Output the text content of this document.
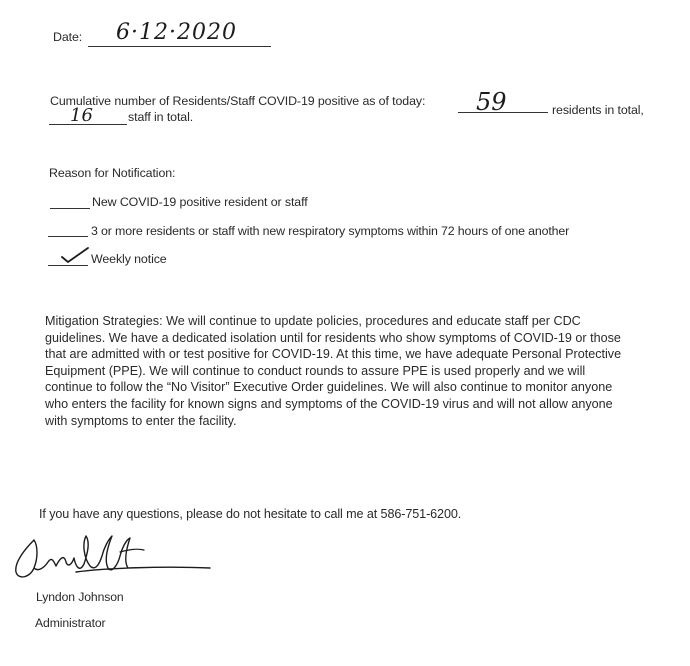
Date: 6·12·2020
Cumulative number of Residents/Staff COVID-19 positive as of today: 59	residents in total,
16	staff in total.
Reason for Notification:
New COVID-19 positive resident or staff
3 or more residents or staff with new respiratory symptoms within 72 hours of one another
Weekly notice
Mitigation Strategies: We will continue to update policies, procedures and educate staff per CDC
guidelines. We have a dedicated isolation until for residents who show symptoms of COVID-19 or those
that are admitted with or test positive for COVID-19. At this time, we have adequate Personal Protective
Equipment (PPE). We will continue to conduct rounds to assure PPE is used properly and we will
continue to follow the “No Visitor” Executive Order guidelines. We will also continue to monitor anyone
who enters the facility for known signs and symptoms of the COVID-19 virus and will not allow anyone
with symptoms to enter the facility.
If you have any questions, please do not hesitate to call me at 586-751-6200.
Lyndon Johnson
Administrator
